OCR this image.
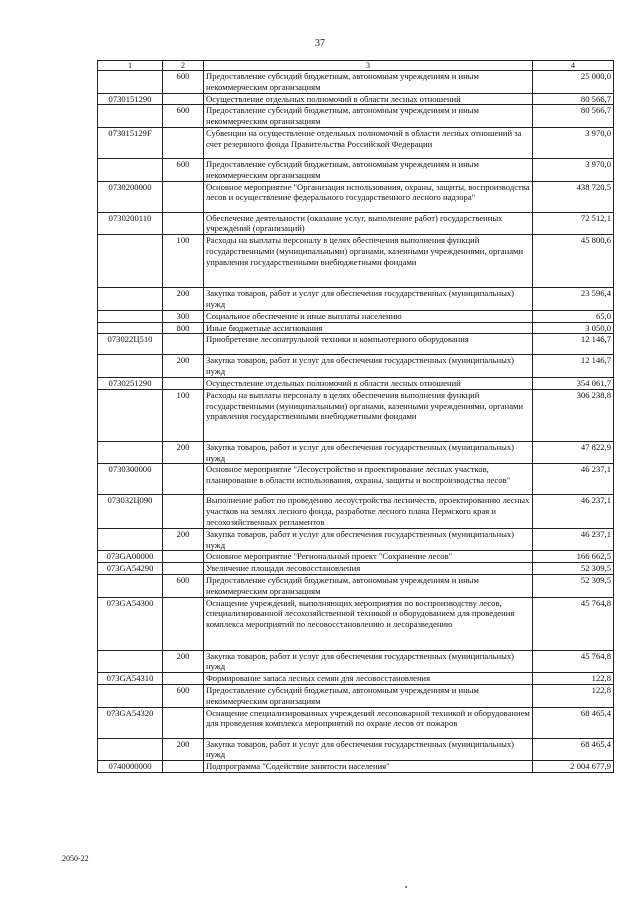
37
1	2	3	4
	600	Предоставление субсидий бюджетным, автономным учреждениям и иным некоммерческим организациям	25 000,0
0730151290		Осуществление отдельных полномочий в области лесных отношений	80 566,7
	600	Предоставление субсидий бюджетным, автономным учреждениям и иным некоммерческим организациям	80 566,7
073015129F		Субвенции на осуществление отдельных полномочий в области лесных отношений за счет резервного фонда Правительства Российской Федерации	3 970,0
	600	Предоставление субсидий бюджетным, автономным учреждениям и иным некоммерческим организациям	3 970,0
0730200000		Основное мероприятие "Организация использования, охраны, защиты, воспроизводства лесов и осуществление федерального государственного лесного надзора"	438 720,5
0730200110		Обеспечение деятельности (оказание услуг, выполнение работ) государственных учреждений (организаций)	72 512,1
	100	Расходы на выплаты персоналу в целях обеспечения выполнения функций государственными (муниципальными) органами, казенными учреждениями, органами управления государственными внебюджетными фондами	45 800,6
	200	Закупка товаров, работ и услуг для обеспечения государственных (муниципальных) нужд	23 596,4
	300	Социальное обеспечение и иные выплаты населению	65,0
	800	Иные бюджетные ассигнования	3 050,0
073022Ц510		Приобретение лесопатрульной техники и компьютерного оборудования	12 146,7
	200	Закупка товаров, работ и услуг для обеспечения государственных (муниципальных) нужд	12 146,7
0730251290		Осуществление отдельных полномочий в области лесных отношений	354 061,7
	100	Расходы на выплаты персоналу в целях обеспечения выполнения функций государственными (муниципальными) органами, казенными учреждениями, органами управления государственными внебюджетными фондами	306 238,8
	200	Закупка товаров, работ и услуг для обеспечения государственных (муниципальных) нужд	47 822,9
0730300000		Основное мероприятие "Лесоустройство и проектирование лесных участков, планирование в области использования, охраны, защиты и воспроизводства лесов"	46 237,1
073032Ц090		Выполнение работ по проведению лесоустройства лесничеств, проектированию лесных участков на землях лесного фонда, разработке лесного плана Пермского края и лесохозяйственных регламентов	46 237,1
	200	Закупка товаров, работ и услуг для обеспечения государственных (муниципальных) нужд	46 237,1
073GA00000		Основное мероприятие "Региональный проект "Сохранение лесов"	166 662,5
073GA54290		Увеличение площади лесовосстановления	52 309,5
	600	Предоставление субсидий бюджетным, автономным учреждениям и иным некоммерческим организациям	52 309,5
073GA54300		Оснащение учреждений, выполняющих мероприятия по воспроизводству лесов, специализированной лесохозяйственной техникой и оборудованием для проведения комплекса мероприятий по лесовосстановлению и лесоразведению	45 764,8
	200	Закупка товаров, работ и услуг для обеспечения государственных (муниципальных) нужд	45 764,8
073GA54310		Формирование запаса лесных семян для лесовосстановления	122,8
	600	Предоставление субсидий бюджетным, автономным учреждениям и иным некоммерческим организациям	122,8
073GA54320		Оснащение специализированных учреждений лесопожарной техникой и оборудованием для проведения комплекса мероприятий по охране лесов от пожаров	68 465,4
	200	Закупка товаров, работ и услуг для обеспечения государственных (муниципальных) нужд	68 465,4
0740000000		Подпрограмма "Содействие занятости населения"	2 004 677,9
2050-22
